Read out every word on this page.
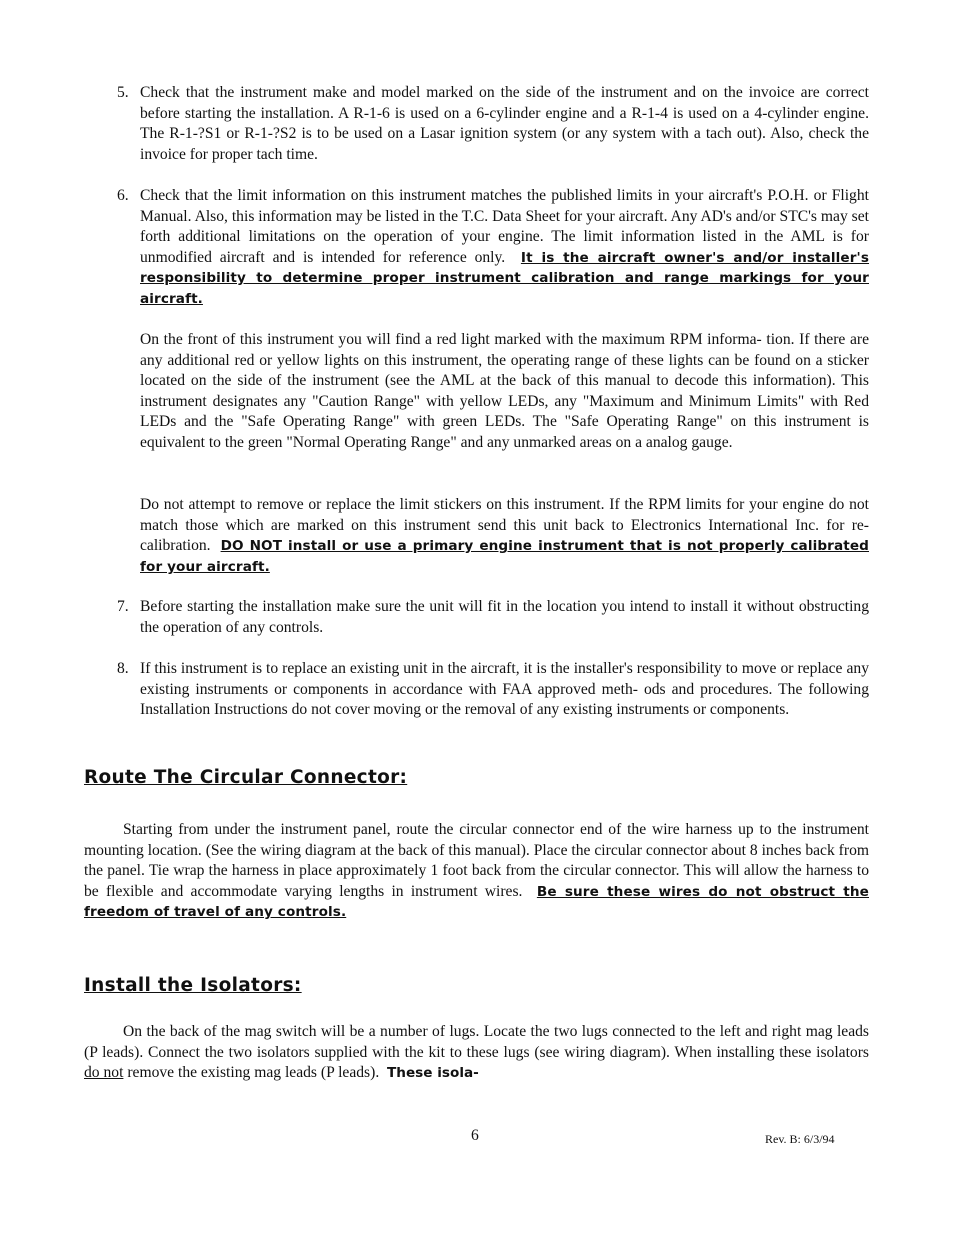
5. Check that the instrument make and model marked on the side of the instrument and on the invoice are correct before starting the installation. A R-1-6 is used on a 6-cylinder engine and a R-1-4 is used on a 4-cylinder engine. The R-1-?S1 or R-1-?S2 is to be used on a Lasar ignition system (or any system with a tach out). Also, check the invoice for proper tach time.
6. Check that the limit information on this instrument matches the published limits in your aircraft's P.O.H. or Flight Manual. Also, this information may be listed in the T.C. Data Sheet for your aircraft. Any AD's and/or STC's may set forth additional limitations on the operation of your engine. The limit information listed in the AML is for unmodified aircraft and is intended for reference only. It is the aircraft owner's and/or installer's responsibility to determine proper instrument calibration and range markings for your aircraft.
On the front of this instrument you will find a red light marked with the maximum RPM informa- tion. If there are any additional red or yellow lights on this instrument, the operating range of these lights can be found on a sticker located on the side of the instrument (see the AML at the back of this manual to decode this information). This instrument designates any "Caution Range" with yellow LEDs, any "Maximum and Minimum Limits" with Red LEDs and the "Safe Operating Range" with green LEDs. The "Safe Operating Range" on this instrument is equivalent to the green "Normal Operating Range" and any unmarked areas on a analog gauge.
Do not attempt to remove or replace the limit stickers on this instrument. If the RPM limits for your engine do not match those which are marked on this instrument send this unit back to Electronics International Inc. for re-calibration. DO NOT install or use a primary engine instrument that is not properly calibrated for your aircraft.
7. Before starting the installation make sure the unit will fit in the location you intend to install it without obstructing the operation of any controls.
8. If this instrument is to replace an existing unit in the aircraft, it is the installer's responsibility to move or replace any existing instruments or components in accordance with FAA approved meth- ods and procedures. The following Installation Instructions do not cover moving or the removal of any existing instruments or components.
Route The Circular Connector:
Starting from under the instrument panel, route the circular connector end of the wire harness up to the instrument mounting location. (See the wiring diagram at the back of this manual). Place the circular connector about 8 inches back from the panel. Tie wrap the harness in place approximately 1 foot back from the circular connector. This will allow the harness to be flexible and accommodate varying lengths in instrument wires. Be sure these wires do not obstruct the freedom of travel of any controls.
Install the Isolators:
On the back of the mag switch will be a number of lugs. Locate the two lugs connected to the left and right mag leads (P leads). Connect the two isolators supplied with the kit to these lugs (see wiring diagram). When installing these isolators do not remove the existing mag leads (P leads). These isola-
6	Rev. B: 6/3/94
